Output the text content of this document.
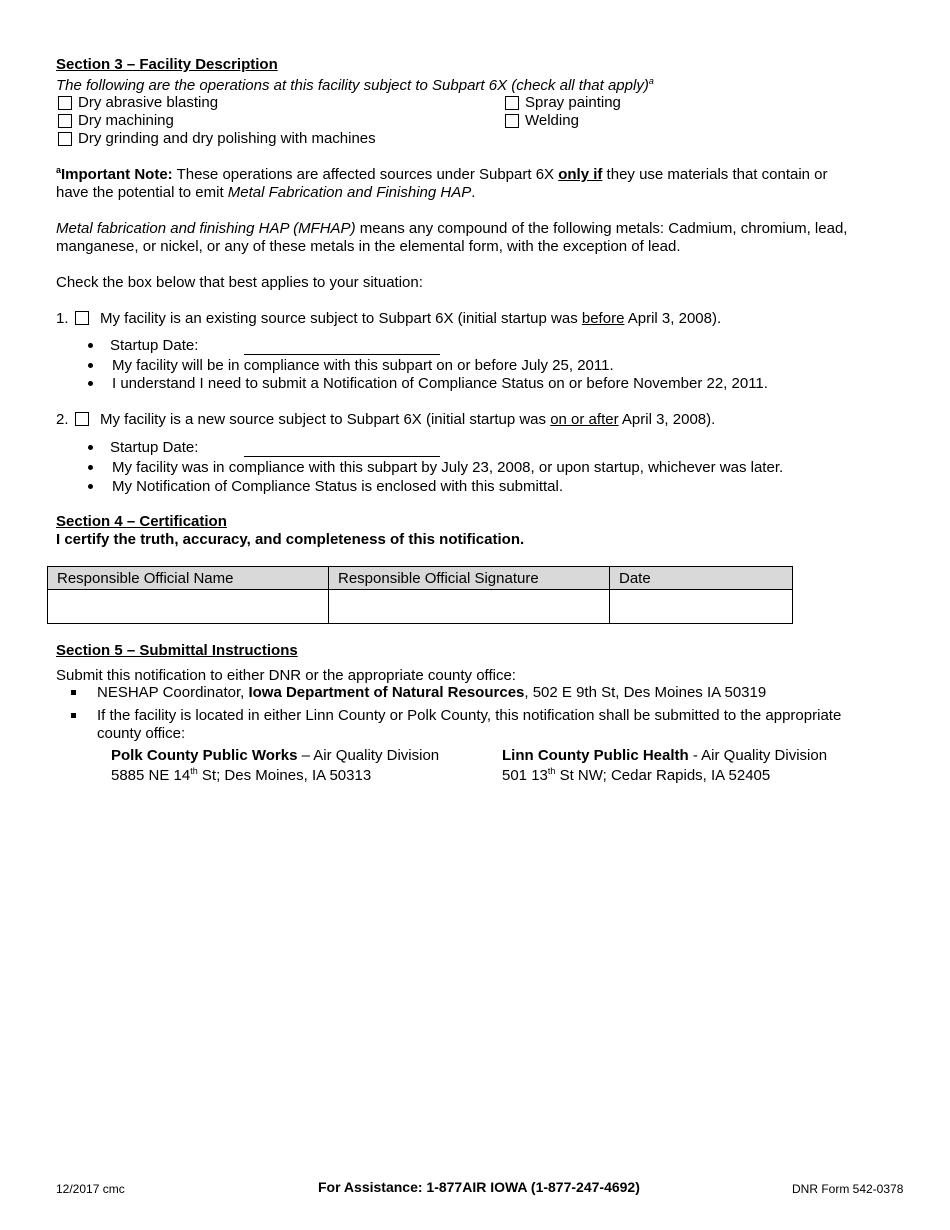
Section 3 – Facility Description
The following are the operations at this facility subject to Subpart 6X (check all that apply)$^a$
Dry abrasive blasting
Dry machining
Dry grinding and dry polishing with machines
Spray painting
Welding
$^a$Important Note: These operations are affected sources under Subpart 6X only if they use materials that contain or
have the potential to emit Metal Fabrication and Finishing HAP.
Metal fabrication and finishing HAP (MFHAP) means any compound of the following metals: Cadmium, chromium, lead,
manganese, or nickel, or any of these metals in the elemental form, with the exception of lead.
Check the box below that best applies to your situation:
1. My facility is an existing source subject to Subpart 6X (initial startup was before April 3, 2008).
Startup Date:
My facility will be in compliance with this subpart on or before July 25, 2011.
I understand I need to submit a Notification of Compliance Status on or before November 22, 2011.
2. My facility is a new source subject to Subpart 6X (initial startup was on or after April 3, 2008).
Startup Date:
My facility was in compliance with this subpart by July 23, 2008, or upon startup, whichever was later.
My Notification of Compliance Status is enclosed with this submittal.
Section 4 – Certification
I certify the truth, accuracy, and completeness of this notification.
Responsible Official Name	Responsible Official Signature	Date

Section 5 – Submittal Instructions
Submit this notification to either DNR or the appropriate county office:
NESHAP Coordinator, Iowa Department of Natural Resources, 502 E 9th St, Des Moines IA 50319
If the facility is located in either Linn County or Polk County, this notification shall be submitted to the appropriate
county office:
Polk County Public Works – Air Quality Division
5885 NE 14th St; Des Moines, IA 50313
Linn County Public Health - Air Quality Division
501 13th St NW; Cedar Rapids, IA 52405
12/2017 cmc	For Assistance: 1-877AIR IOWA (1-877-247-4692)	DNR Form 542-0378
